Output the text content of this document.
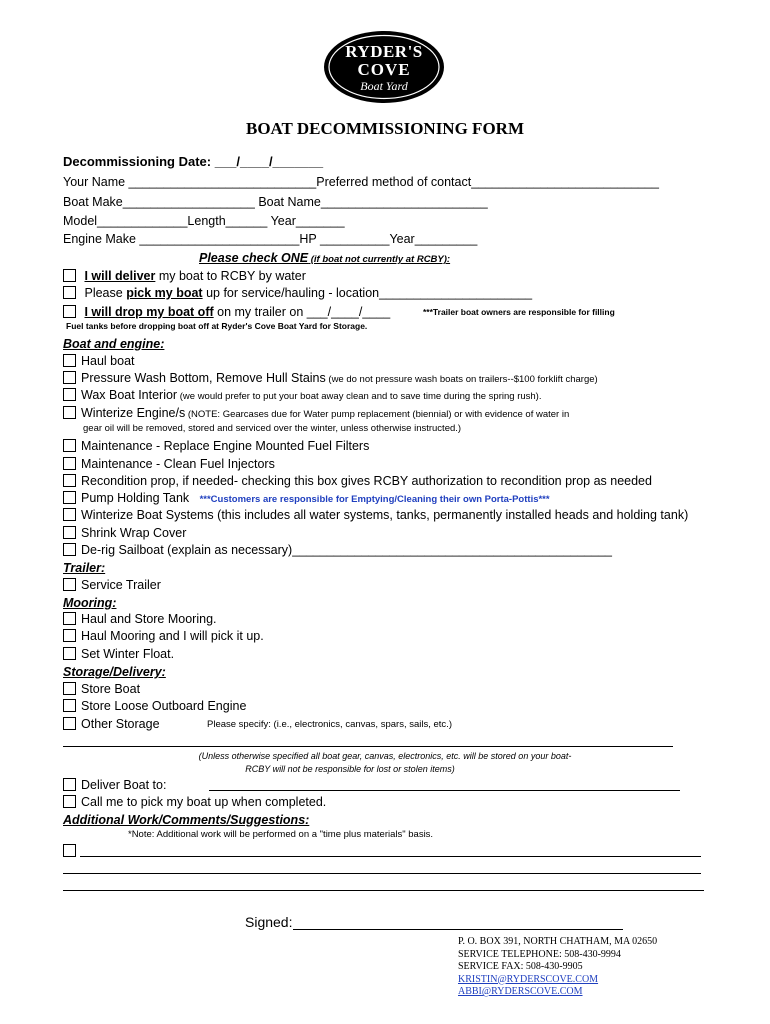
RYDER'S
COVE
Boat Yard
BOAT DECOMMISSIONING FORM
Decommissioning Date: ___/____/_______
Your Name ___________________________Preferred method of contact___________________________
Boat Make___________________ Boat Name________________________
Model_____________Length______ Year_______
Engine Make _______________________HP __________Year_________
Please check ONE (if boat not currently at RCBY):
I will deliver my boat to RCBY by water
Please pick my boat up for service/hauling - location______________________
I will drop my boat off on my trailer on ___/____/____	***Trailer boat owners are responsible for filling
Fuel tanks before dropping boat off at Ryder's Cove Boat Yard for Storage.
Boat and engine:
Haul boat
Pressure Wash Bottom, Remove Hull Stains (we do not pressure wash boats on trailers--$100 forklift charge)
Wax Boat Interior (we would prefer to put your boat away clean and to save time during the spring rush).
Winterize Engine/s (NOTE: Gearcases due for Water pump replacement (biennial) or with evidence of water in
gear oil will be removed, stored and serviced over the winter, unless otherwise instructed.)
Maintenance - Replace Engine Mounted Fuel Filters
Maintenance - Clean Fuel Injectors
Recondition prop, if needed- checking this box gives RCBY authorization to recondition prop as needed
Pump Holding Tank ***Customers are responsible for Emptying/Cleaning their own Porta-Pottis***
Winterize Boat Systems (this includes all water systems, tanks, permanently installed heads and holding tank)
Shrink Wrap Cover
De-rig Sailboat (explain as necessary)______________________________________________
Trailer:
Service Trailer
Mooring:
Haul and Store Mooring.
Haul Mooring and I will pick it up.
Set Winter Float.
Storage/Delivery:
Store Boat
Store Loose Outboard Engine
Other Storage	Please specify: (i.e., electronics, canvas, spars, sails, etc.)
(Unless otherwise specified all boat gear, canvas, electronics, etc. will be stored on your boat-
RCBY will not be responsible for lost or stolen items)
Deliver Boat to:
Call me to pick my boat up when completed.
Additional Work/Comments/Suggestions:
*Note: Additional work will be performed on a "time plus materials" basis.
Signed:
P. O. BOX 391, NORTH CHATHAM, MA 02650
SERVICE TELEPHONE: 508-430-9994
SERVICE FAX: 508-430-9905
KRISTIN@RYDERSCOVE.COM
ABBI@RYDERSCOVE.COM
